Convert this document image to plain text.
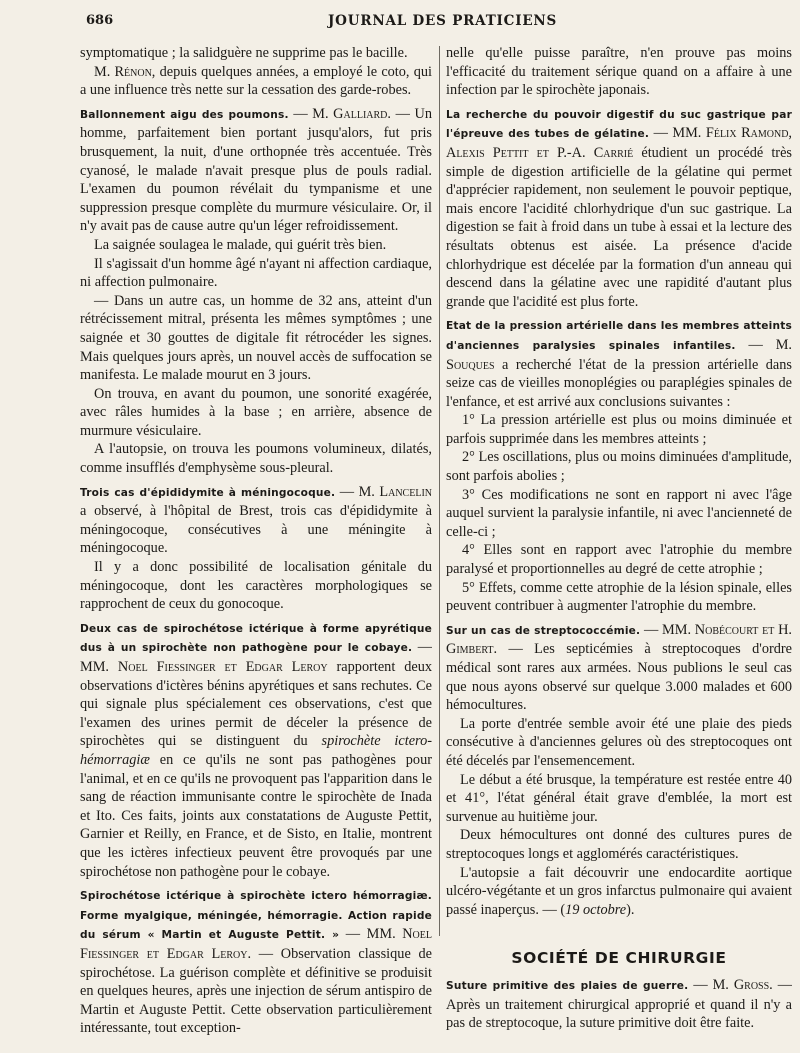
686	JOURNAL DES PRATICIENS

symptomatique ; la salidguère ne supprime pas le bacille.

M. Rénon, depuis quelques années, a employé le coto, qui a une influence très nette sur la cessation des garde-robes.

Ballonnement aigu des poumons. — M. Galliard. — Un homme, parfaitement bien portant jusqu'alors, fut pris brusquement, la nuit, d'une orthopnée très accentuée. Très cyanosé, le malade n'avait presque plus de pouls radial. L'examen du poumon révélait du tympanisme et une suppression presque complète du murmure vésiculaire. Or, il n'y avait pas de cause autre qu'un léger refroidissement.

La saignée soulagea le malade, qui guérit très bien.

Il s'agissait d'un homme âgé n'ayant ni affection cardiaque, ni affection pulmonaire.

— Dans un autre cas, un homme de 32 ans, atteint d'un rétrécissement mitral, présenta les mêmes symptômes ; une saignée et 30 gouttes de digitale fit rétrocéder les signes. Mais quelques jours après, un nouvel accès de suffocation se manifesta. Le malade mourut en 3 jours.

On trouva, en avant du poumon, une sonorité exagérée, avec râles humides à la base ; en arrière, absence de murmure vésiculaire.

A l'autopsie, on trouva les poumons volumineux, dilatés, comme insufflés d'emphysème sous-pleural.

Trois cas d'épididymite à méningocoque. — M. Lancelin a observé, à l'hôpital de Brest, trois cas d'épididymite à méningocoque, consécutives à une méningite à méningocoque.

Il y a donc possibilité de localisation génitale du méningocoque, dont les caractères morphologiques se rapprochent de ceux du gonocoque.

Deux cas de spirochétose ictérique à forme apyrétique dus à un spirochète non pathogène pour le cobaye. — MM. Noel Fiessinger et Edgar Leroy rapportent deux observations d'ictères bénins apyrétiques et sans rechutes. Ce qui signale plus spécialement ces observations, c'est que l'examen des urines permit de déceler la présence de spirochètes qui se distinguent du spirochète ictero-hémorragiæ en ce qu'ils ne sont pas pathogènes pour l'animal, et en ce qu'ils ne provoquent pas l'apparition dans le sang de réaction immunisante contre le spirochète de Inada et Ito. Ces faits, joints aux constatations de Auguste Pettit, Garnier et Reilly, en France, et de Sisto, en Italie, montrent que les ictères infectieux peuvent être provoqués par une spirochétose non pathogène pour le cobaye.

Spirochétose ictérique à spirochète ictero hémorragiæ. Forme myalgique, méningée, hémorragie. Action rapide du sérum « Martin et Auguste Pettit. » — MM. Noel Fiessinger et Edgar Leroy. — Observation classique de spirochétose. La guérison complète et définitive se produisit en quelques heures, après une injection de sérum antispiro de Martin et Auguste Pettit. Cette observation particulièrement intéressante, tout exception-

nelle qu'elle puisse paraître, n'en prouve pas moins l'efficacité du traitement sérique quand on a affaire à une infection par le spirochète japonais.

La recherche du pouvoir digestif du suc gastrique par l'épreuve des tubes de gélatine. — MM. Félix Ramond, Alexis Pettit et P.-A. Carrié étudient un procédé très simple de digestion artificielle de la gélatine qui permet d'apprécier rapidement, non seulement le pouvoir peptique, mais encore l'acidité chlorhydrique d'un suc gastrique. La digestion se fait à froid dans un tube à essai et la lecture des résultats obtenus est aisée. La présence d'acide chlorhydrique est décelée par la formation d'un anneau qui descend dans la gélatine avec une rapidité d'autant plus grande que l'acidité est plus forte.

Etat de la pression artérielle dans les membres atteints d'anciennes paralysies spinales infantiles. — M. Souques a recherché l'état de la pression artérielle dans seize cas de vieilles monoplégies ou paraplégies spinales de l'enfance, et est arrivé aux conclusions suivantes :

1° La pression artérielle est plus ou moins diminuée et parfois supprimée dans les membres atteints ;

2° Les oscillations, plus ou moins diminuées d'amplitude, sont parfois abolies ;

3° Ces modifications ne sont en rapport ni avec l'âge auquel survient la paralysie infantile, ni avec l'ancienneté de celle-ci ;

4° Elles sont en rapport avec l'atrophie du membre paralysé et proportionnelles au degré de cette atrophie ;

5° Effets, comme cette atrophie de la lésion spinale, elles peuvent contribuer à augmenter l'atrophie du membre.

Sur un cas de streptococcémie. — MM. Nobécourt et H. Gimbert. — Les septicémies à streptocoques d'ordre médical sont rares aux armées. Nous publions le seul cas que nous ayons observé sur quelque 3.000 malades et 600 hémocultures.

La porte d'entrée semble avoir été une plaie des pieds consécutive à d'anciennes gelures où des streptocoques ont été décelés par l'ensemencement.

Le début a été brusque, la température est restée entre 40 et 41°, l'état général était grave d'emblée, la mort est survenue au huitième jour.

Deux hémocultures ont donné des cultures pures de streptocoques longs et agglomérés caractéristiques.

L'autopsie a fait découvrir une endocardite aortique ulcéro-végétante et un gros infarctus pulmonaire qui avaient passé inaperçus. — (19 octobre).

SOCIÉTÉ DE CHIRURGIE

Suture primitive des plaies de guerre. — M. Gross. — Après un traitement chirurgical approprié et quand il n'y a pas de streptocoque, la suture primitive doit être faite.
